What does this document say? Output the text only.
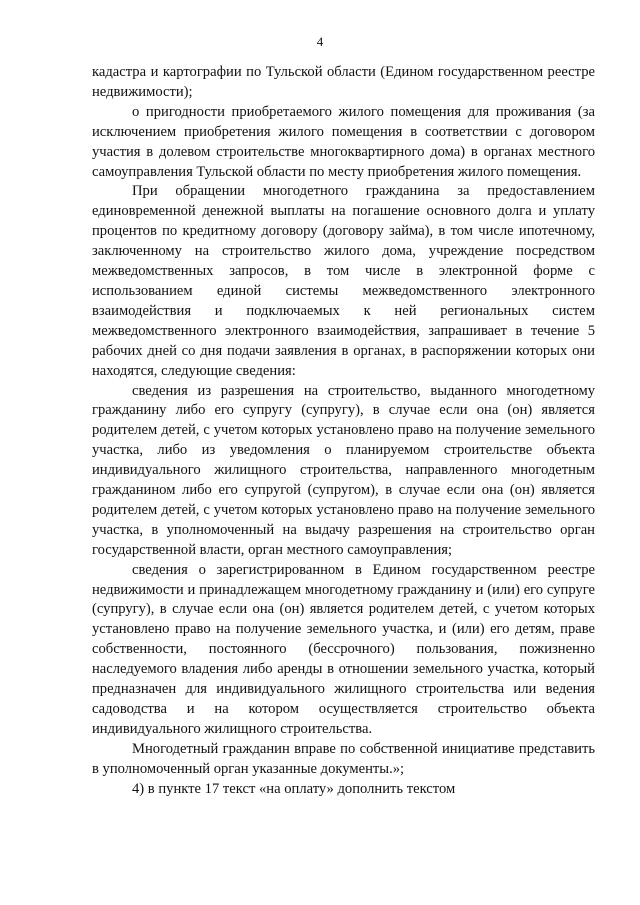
4

кадастра и картографии по Тульской области (Едином государственном реестре недвижимости);

о пригодности приобретаемого жилого помещения для проживания (за исключением приобретения жилого помещения в соответствии с договором участия в долевом строительстве многоквартирного дома) в органах местного самоуправления Тульской области по месту приобретения жилого помещения.

При обращении многодетного гражданина за предоставлением единовременной денежной выплаты на погашение основного долга и уплату процентов по кредитному договору (договору займа), в том числе ипотечному, заключенному на строительство жилого дома, учреждение посредством межведомственных запросов, в том числе в электронной форме с использованием единой системы межведомственного электронного взаимодействия и подключаемых к ней региональных систем межведомственного электронного взаимодействия, запрашивает в течение 5 рабочих дней со дня подачи заявления в органах, в распоряжении которых они находятся, следующие сведения:

сведения из разрешения на строительство, выданного многодетному гражданину либо его супругу (супругу), в случае если она (он) является родителем детей, с учетом которых установлено право на получение земельного участка, либо из уведомления о планируемом строительстве объекта индивидуального жилищного строительства, направленного многодетным гражданином либо его супругой (супругом), в случае если она (он) является родителем детей, с учетом которых установлено право на получение земельного участка, в уполномоченный на выдачу разрешения на строительство орган государственной власти, орган местного самоуправления;

сведения о зарегистрированном в Едином государственном реестре недвижимости и принадлежащем многодетному гражданину и (или) его супруге (супругу), в случае если она (он) является родителем детей, с учетом которых установлено право на получение земельного участка, и (или) его детям, праве собственности, постоянного (бессрочного) пользования, пожизненно наследуемого владения либо аренды в отношении земельного участка, который предназначен для индивидуального жилищного строительства или ведения садоводства и на котором осуществляется строительство объекта индивидуального жилищного строительства.

Многодетный гражданин вправе по собственной инициативе представить в уполномоченный орган указанные документы.»;

4) в пункте 17 текст «на оплату» дополнить текстом
